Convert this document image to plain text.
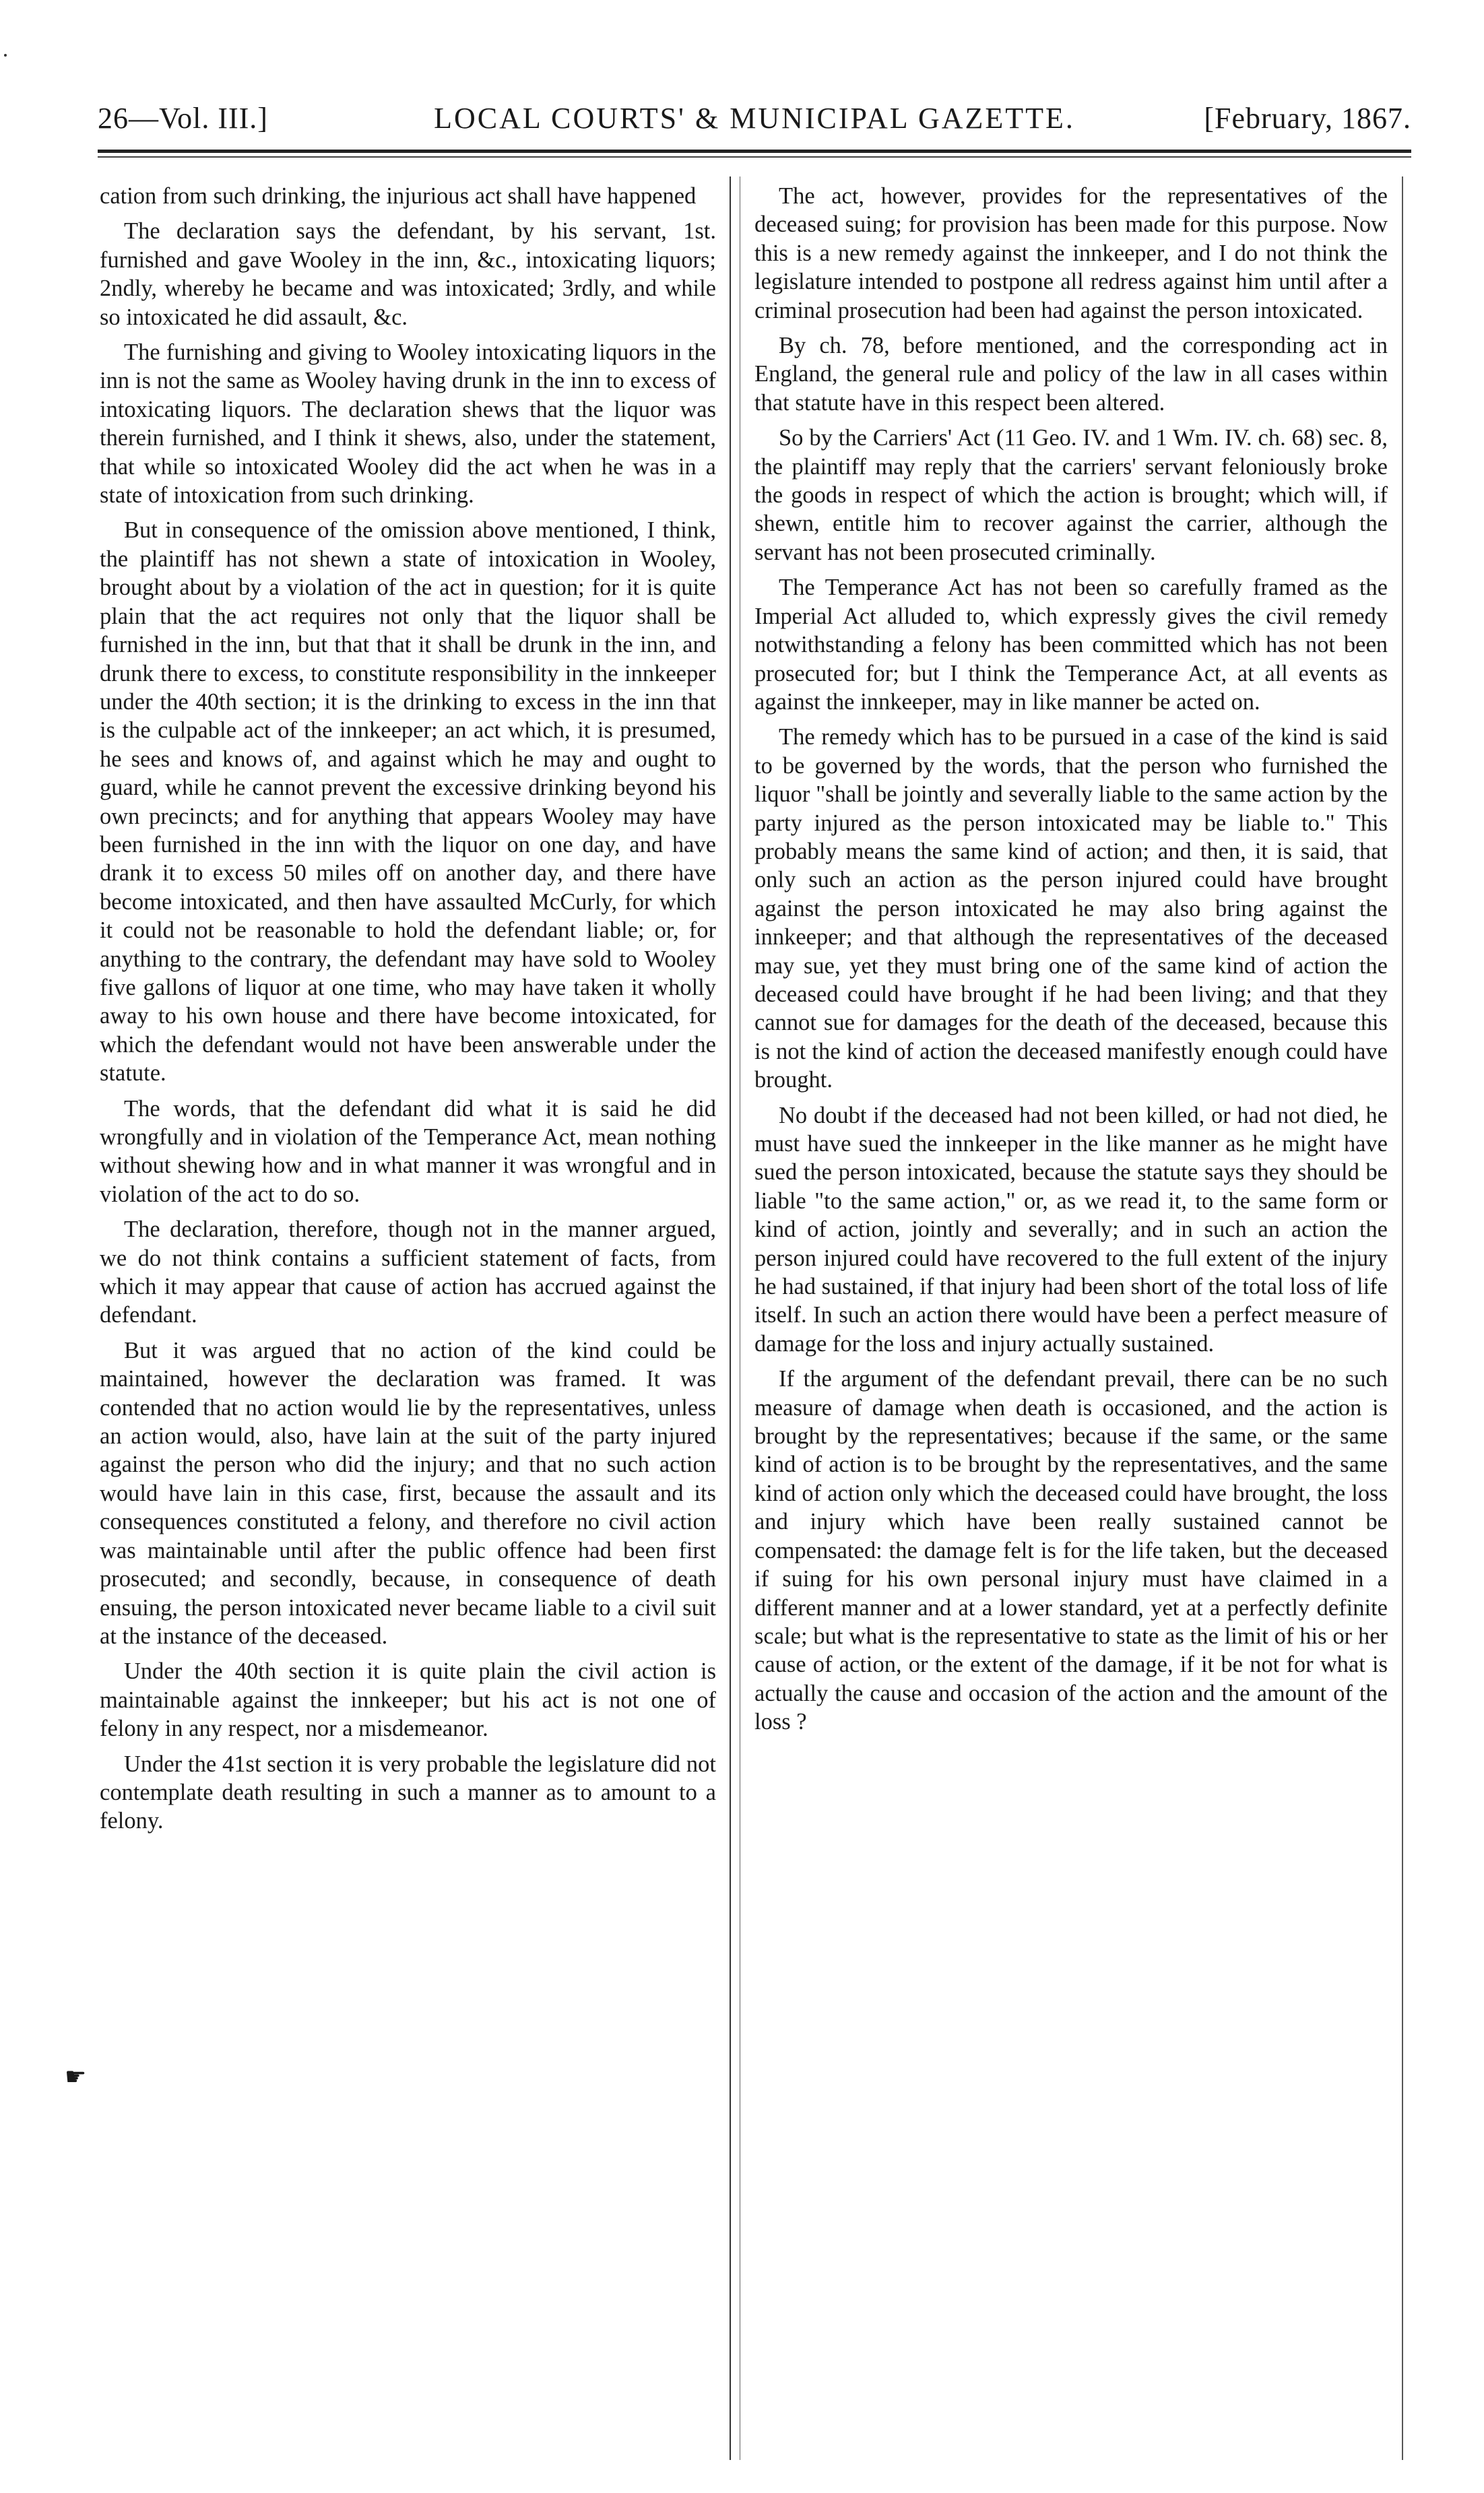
26—Vol. III.]	LOCAL COURTS' & MUNICIPAL GAZETTE.	[February, 1867.

cation from such drinking, the injurious act shall have happened

The declaration says the defendant, by his servant, 1st. furnished and gave Wooley in the inn, &c., intoxicating liquors; 2ndly, whereby he became and was intoxicated; 3rdly, and while so intoxicated he did assault, &c.

The furnishing and giving to Wooley intoxicating liquors in the inn is not the same as Wooley having drunk in the inn to excess of intoxicating liquors. The declaration shews that the liquor was therein furnished, and I think it shews, also, under the statement, that while so intoxicated Wooley did the act when he was in a state of intoxication from such drinking.

But in consequence of the omission above mentioned, I think, the plaintiff has not shewn a state of intoxication in Wooley, brought about by a violation of the act in question; for it is quite plain that the act requires not only that the liquor shall be furnished in the inn, but that that it shall be drunk in the inn, and drunk there to excess, to constitute responsibility in the innkeeper under the 40th section; it is the drinking to excess in the inn that is the culpable act of the innkeeper; an act which, it is presumed, he sees and knows of, and against which he may and ought to guard, while he cannot prevent the excessive drinking beyond his own precincts; and for anything that appears Wooley may have been furnished in the inn with the liquor on one day, and have drank it to excess 50 miles off on another day, and there have become intoxicated, and then have assaulted McCurly, for which it could not be reasonable to hold the defendant liable; or, for anything to the contrary, the defendant may have sold to Wooley five gallons of liquor at one time, who may have taken it wholly away to his own house and there have become intoxicated, for which the defendant would not have been answerable under the statute.

The words, that the defendant did what it is said he did wrongfully and in violation of the Temperance Act, mean nothing without shewing how and in what manner it was wrongful and in violation of the act to do so.

The declaration, therefore, though not in the manner argued, we do not think contains a sufficient statement of facts, from which it may appear that cause of action has accrued against the defendant.

But it was argued that no action of the kind could be maintained, however the declaration was framed. It was contended that no action would lie by the representatives, unless an action would, also, have lain at the suit of the party injured against the person who did the injury; and that no such action would have lain in this case, first, because the assault and its consequences constituted a felony, and therefore no civil action was maintainable until after the public offence had been first prosecuted; and secondly, because, in consequence of death ensuing, the person intoxicated never became liable to a civil suit at the instance of the deceased.

Under the 40th section it is quite plain the civil action is maintainable against the innkeeper; but his act is not one of felony in any respect, nor a misdemeanor.

Under the 41st section it is very probable the legislature did not contemplate death resulting in such a manner as to amount to a felony.

☛

The act, however, provides for the representatives of the deceased suing; for provision has been made for this purpose. Now this is a new remedy against the innkeeper, and I do not think the legislature intended to postpone all redress against him until after a criminal prosecution had been had against the person intoxicated.

By ch. 78, before mentioned, and the corresponding act in England, the general rule and policy of the law in all cases within that statute have in this respect been altered.

So by the Carriers' Act (11 Geo. IV. and 1 Wm. IV. ch. 68) sec. 8, the plaintiff may reply that the carriers' servant feloniously broke the goods in respect of which the action is brought; which will, if shewn, entitle him to recover against the carrier, although the servant has not been prosecuted criminally.

The Temperance Act has not been so carefully framed as the Imperial Act alluded to, which expressly gives the civil remedy notwithstanding a felony has been committed which has not been prosecuted for; but I think the Temperance Act, at all events as against the innkeeper, may in like manner be acted on.

The remedy which has to be pursued in a case of the kind is said to be governed by the words, that the person who furnished the liquor "shall be jointly and severally liable to the same action by the party injured as the person intoxicated may be liable to." This probably means the same kind of action; and then, it is said, that only such an action as the person injured could have brought against the person intoxicated he may also bring against the innkeeper; and that although the representatives of the deceased may sue, yet they must bring one of the same kind of action the deceased could have brought if he had been living; and that they cannot sue for damages for the death of the deceased, because this is not the kind of action the deceased manifestly enough could have brought.

No doubt if the deceased had not been killed, or had not died, he must have sued the innkeeper in the like manner as he might have sued the person intoxicated, because the statute says they should be liable "to the same action," or, as we read it, to the same form or kind of action, jointly and severally; and in such an action the person injured could have recovered to the full extent of the injury he had sustained, if that injury had been short of the total loss of life itself. In such an action there would have been a perfect measure of damage for the loss and injury actually sustained.

If the argument of the defendant prevail, there can be no such measure of damage when death is occasioned, and the action is brought by the representatives; because if the same, or the same kind of action is to be brought by the representatives, and the same kind of action only which the deceased could have brought, the loss and injury which have been really sustained cannot be compensated: the damage felt is for the life taken, but the deceased if suing for his own personal injury must have claimed in a different manner and at a lower standard, yet at a perfectly definite scale; but what is the representative to state as the limit of his or her cause of action, or the extent of the damage, if it be not for what is actually the cause and occasion of the action and the amount of the loss ?
